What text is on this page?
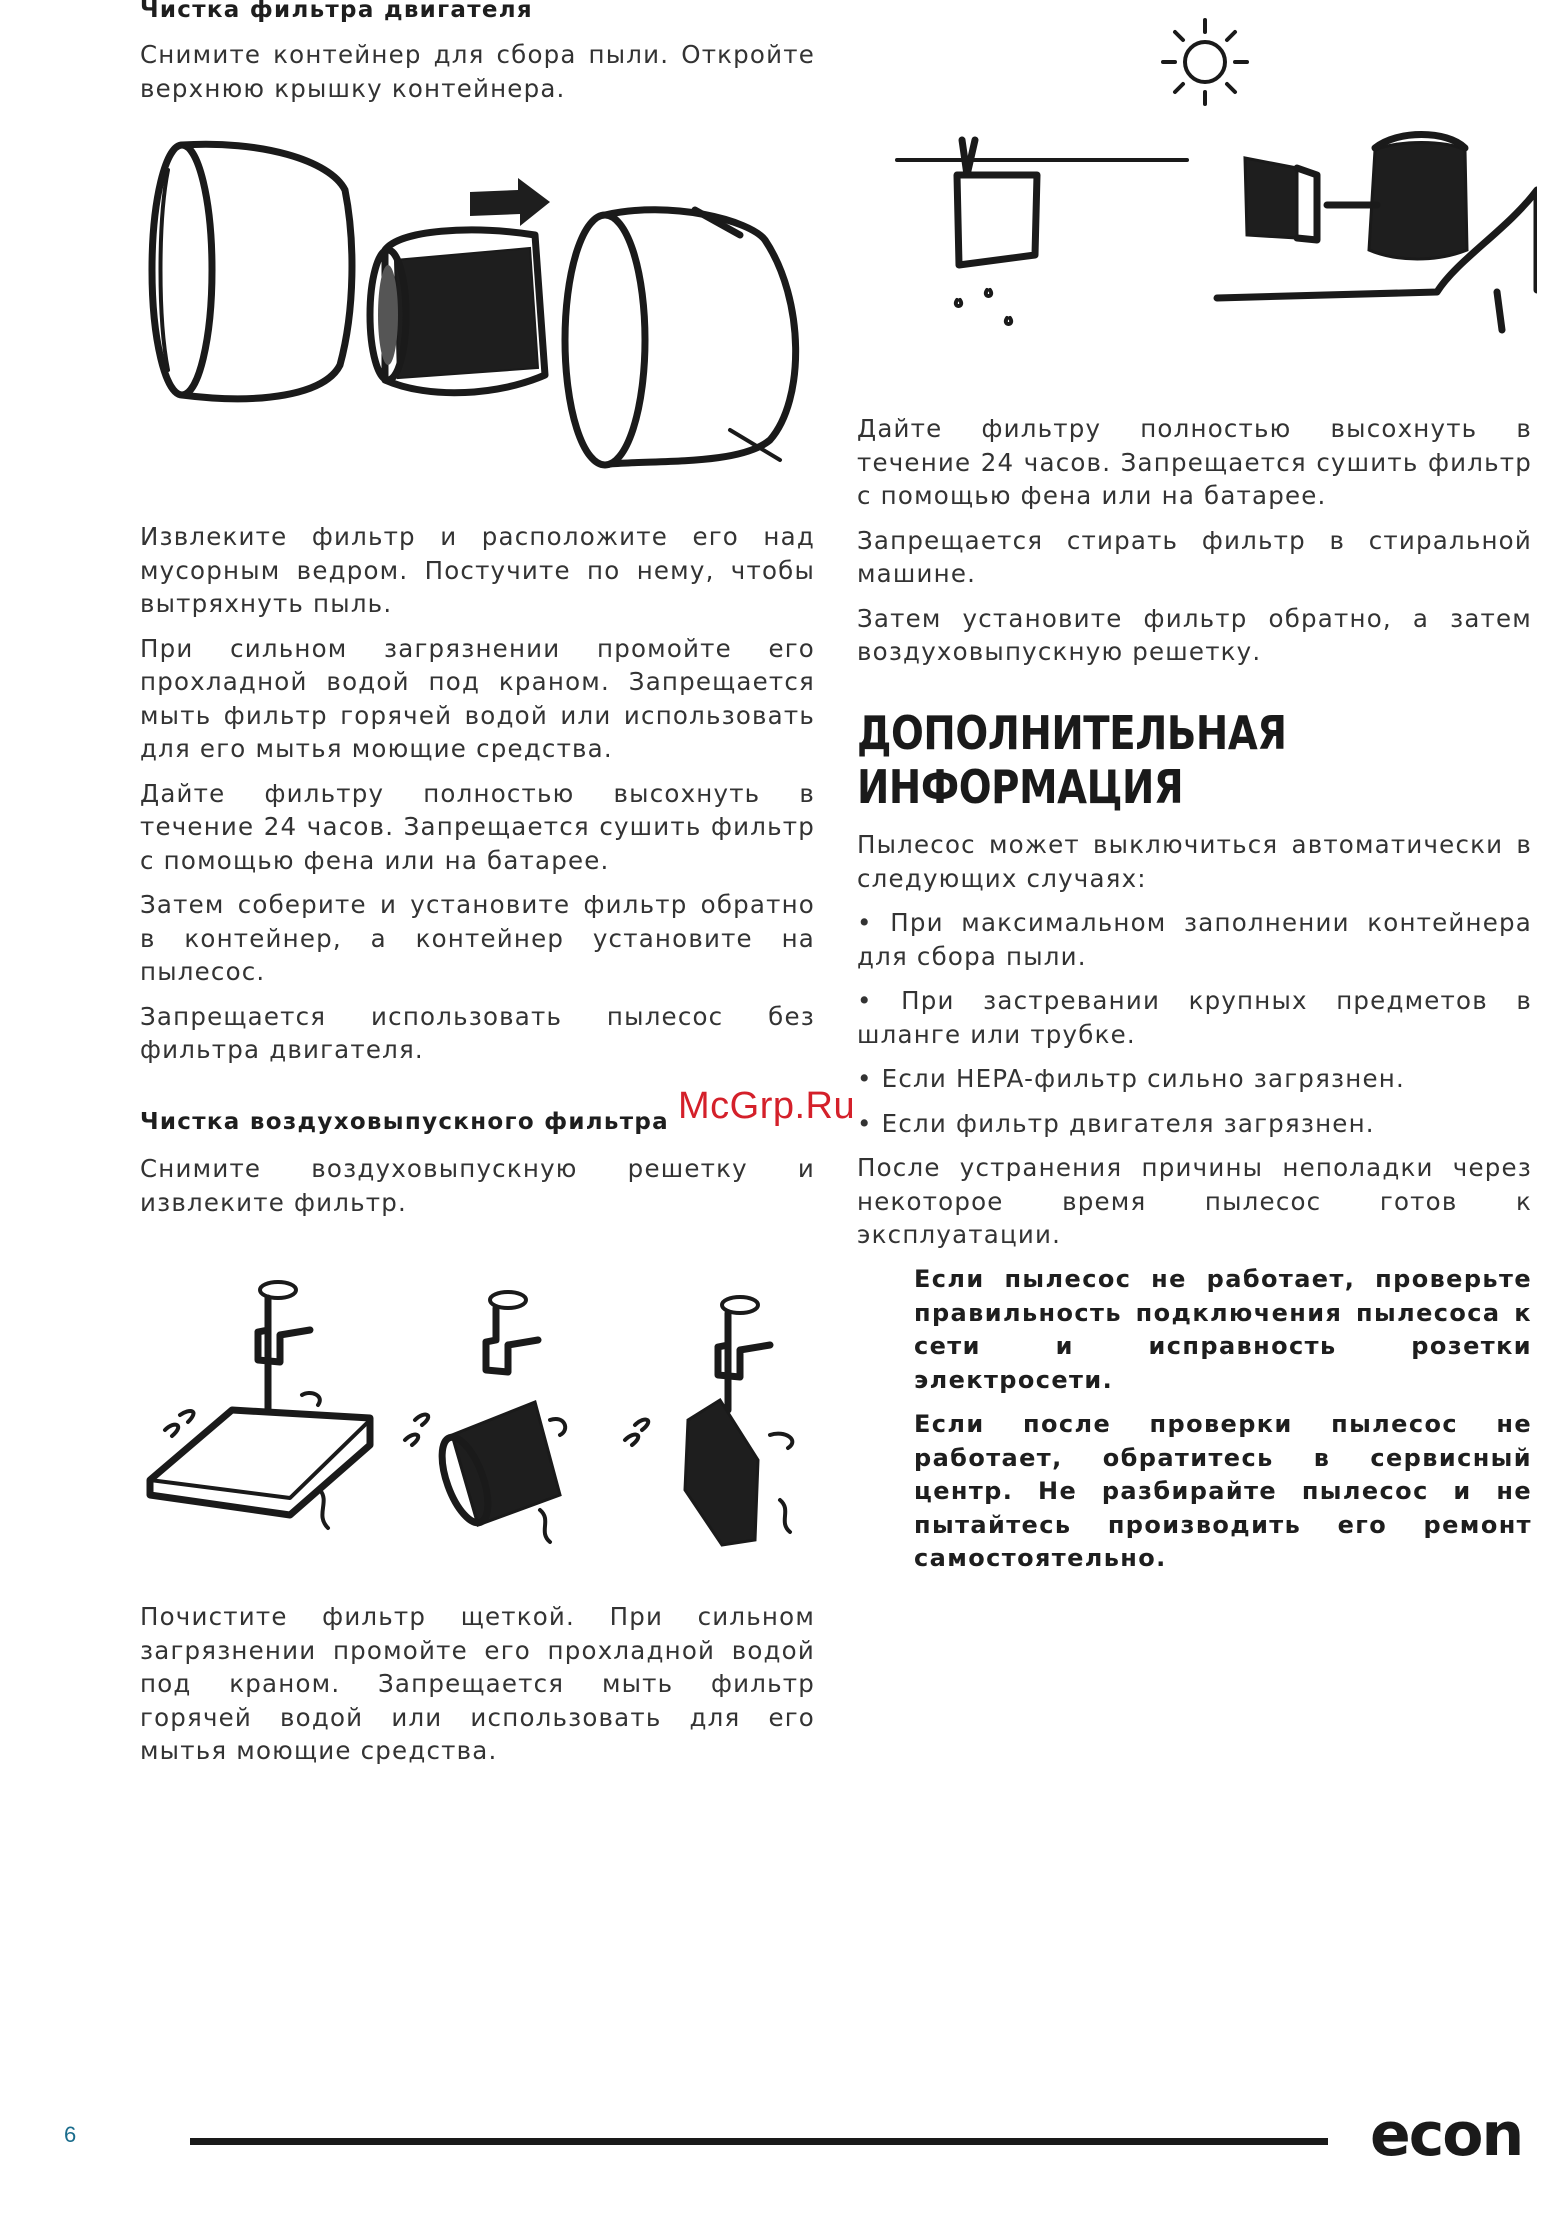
Чистка фильтра двигателя

Снимите контейнер для сбора пыли. Откройте верхнюю крышку контейнера.

Извлеките фильтр и расположите его над мусорным ведром. Постучите по нему, чтобы вытряхнуть пыль.

При сильном загрязнении промойте его прохладной водой под краном. Запрещается мыть фильтр горячей водой или использовать для его мытья моющие средства.

Дайте фильтру полностью высохнуть в течение 24 часов. Запрещается сушить фильтр с помощью фена или на батарее.

Затем соберите и установите фильтр обратно в контейнер, а контейнер установите на пылесос.

Запрещается использовать пылесос без фильтра двигателя.

Чистка воздуховыпускного фильтра

Снимите воздуховыпускную решетку и извлеките фильтр.

Почистите фильтр щеткой. При сильном загрязнении промойте его прохладной водой под краном. Запрещается мыть фильтр горячей водой или использовать для его мытья моющие средства.

Дайте фильтру полностью высохнуть в течение 24 часов. Запрещается сушить фильтр с помощью фена или на батарее.

Запрещается стирать фильтр в стиральной машине.

Затем установите фильтр обратно, а затем воздуховыпускную решетку.

ДОПОЛНИТЕЛЬНАЯ
ИНФОРМАЦИЯ

Пылесос может выключиться автоматически в следующих случаях:

• При максимальном заполнении контейнера для сбора пыли.

• При застревании крупных предметов в шланге или трубке.

• Если HEPA-фильтр сильно загрязнен.

• Если фильтр двигателя загрязнен.

После устранения причины неполадки через некоторое время пылесос готов к эксплуатации.

Если пылесос не работает, проверьте правильность подключения пылесоса к сети и исправность розетки электросети.

Если после проверки пылесос не работает, обратитесь в сервисный центр. Не разбирайте пылесос и не пытайтесь производить его ремонт самостоятельно.

McGrp.Ru
6	econ
